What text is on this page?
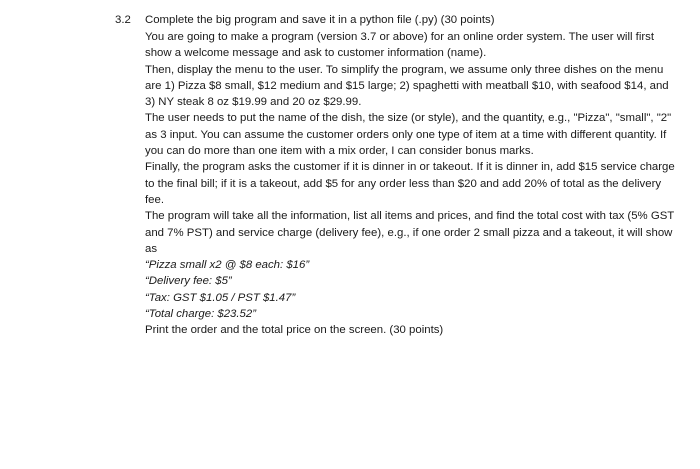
3.2 Complete the big program and save it in a python file (.py) (30 points)

You are going to make a program (version 3.7 or above) for an online order system. The user will first show a welcome message and ask to customer information (name).

Then, display the menu to the user. To simplify the program, we assume only three dishes on the menu are 1) Pizza $8 small, $12 medium and $15 large; 2) spaghetti with meatball $10, with seafood $14, and 3) NY steak 8 oz $19.99 and 20 oz $29.99.

The user needs to put the name of the dish, the size (or style), and the quantity, e.g., "Pizza", "small", "2" as 3 input. You can assume the customer orders only one type of item at a time with different quantity. If you can do more than one item with a mix order, I can consider bonus marks.

Finally, the program asks the customer if it is dinner in or takeout. If it is dinner in, add $15 service charge to the final bill; if it is a takeout, add $5 for any order less than $20 and add 20% of total as the delivery fee.

The program will take all the information, list all items and prices, and find the total cost with tax (5% GST and 7% PST) and service charge (delivery fee), e.g., if one order 2 small pizza and a takeout, it will show as

“Pizza small x2 @ $8 each: $16”

“Delivery fee: $5”

“Tax: GST $1.05 / PST $1.47”

“Total charge: $23.52”

Print the order and the total price on the screen. (30 points)
